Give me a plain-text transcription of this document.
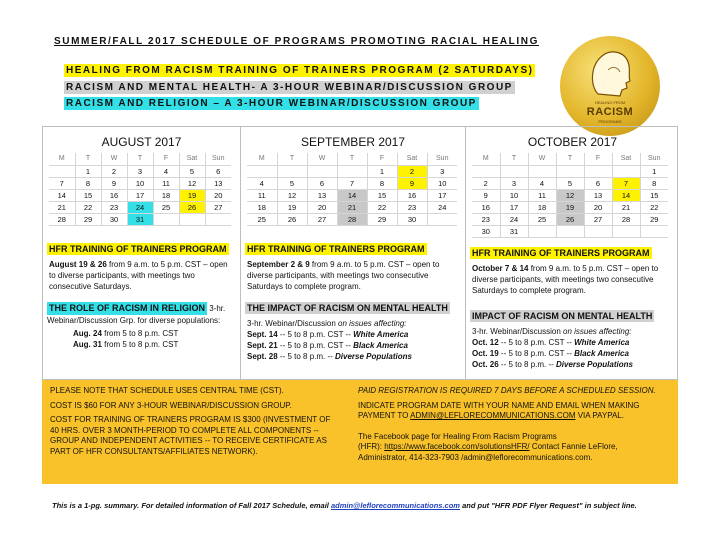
SUMMER/FALL 2017 SCHEDULE OF PROGRAMS PROMOTING RACIAL HEALING
HEALING FROM RACISM TRAINING OF TRAINERS PROGRAM (2 SATURDAYS)
RACISM AND MENTAL HEALTH- A 3-HOUR WEBINAR/DISCUSSION GROUP
RACISM AND RELIGION – A 3-HOUR WEBINAR/DISCUSSION GROUP	HEALING FROM
RACISM
PROGRAMS
AUGUST 2017
M	T	W	T	F	Sat	Sun
	1	2	3	4	5	6
7	8	9	10	11	12	13
14	15	16	17	18	19	20
21	22	23	24	25	26	27
28	29	30	31			
HFR TRAINING OF TRAINERS PROGRAM
August 19 & 26 from 9 a.m. to 5 p.m. CST – open to diverse participants, with meetings two consecutive Saturdays.
THE ROLE OF RACISM IN RELIGION 3-hr. Webinar/Discussion Grp. for diverse populations:
Aug. 24 from 5 to 8 p.m. CST
Aug. 31 from 5 to 8 p.m. CST
SEPTEMBER 2017
M	T	W	T	F	Sat	Sun
				1	2	3
4	5	6	7	8	9	10
11	12	13	14	15	16	17
18	19	20	21	22	23	24
25	26	27	28	29	30	
HFR TRAINING OF TRAINERS PROGRAM
September 2 & 9 from 9 a.m. to 5 p.m. CST – open to diverse participants, with meetings two consecutive Saturdays to complete program.
THE IMPACT OF RACISM ON MENTAL HEALTH
3-hr. Webinar/Discussion on issues affecting:
Sept. 14 -- 5 to 8 p.m. CST -- White America
Sept. 21 -- 5 to 8 p.m. CST -- Black America
Sept. 28 -- 5 to 8 p.m. -- Diverse Populations
OCTOBER 2017
M	T	W	T	F	Sat	Sun
						1
2	3	4	5	6	7	8
9	10	11	12	13	14	15
16	17	18	19	20	21	22
23	24	25	26	27	28	29
30	31					
HFR TRAINING OF TRAINERS PROGRAM
October 7 & 14 from 9 a.m. to 5 p.m. CST – open to diverse participants, with meetings two consecutive Saturdays to complete program.
IMPACT OF RACISM ON MENTAL HEALTH
3-hr. Webinar/Discussion on issues affecting:
Oct. 12 -- 5 to 8 p.m. CST -- White America
Oct. 19 -- 5 to 8 p.m. CST -- Black America
Oct. 26 -- 5 to 8 p.m. -- Diverse Populations

PLEASE NOTE THAT SCHEDULE USES CENTRAL TIME (CST).

COST IS $60 FOR ANY 3-HOUR WEBINAR/DISCUSSION GROUP.

COST FOR TRAINING OF TRAINERS PROGRAM IS $300 (INVESTMENT OF 40 HRS. OVER 3 MONTH-PERIOD TO COMPLETE ALL COMPONENTS -- GROUP AND INDEPENDENT ACTIVITIES -- TO RECEIVE CERTIFICATE AS PART OF HFR CONSULTANTS/AFFILIATES NETWORK).

PAID REGISTRATION IS REQUIRED 7 DAYS BEFORE A SCHEDULED SESSION.

INDICATE PROGRAM DATE WITH YOUR NAME AND EMAIL WHEN MAKING PAYMENT TO ADMIN@LEFLORECOMMUNICATIONS.COM VIA PAYPAL.

The Facebook page for Healing From Racism Programs

(HFR): https://www.facebook.com/solutionsHFR/ Contact Fannie LeFlore, Administrator, 414-323-7903 /admin@leflorecommunications.com.

This is a 1-pg. summary. For detailed information of Fall 2017 Schedule, email admin@leflorecommunications.com and put "HFR PDF Flyer Request" in subject line.
